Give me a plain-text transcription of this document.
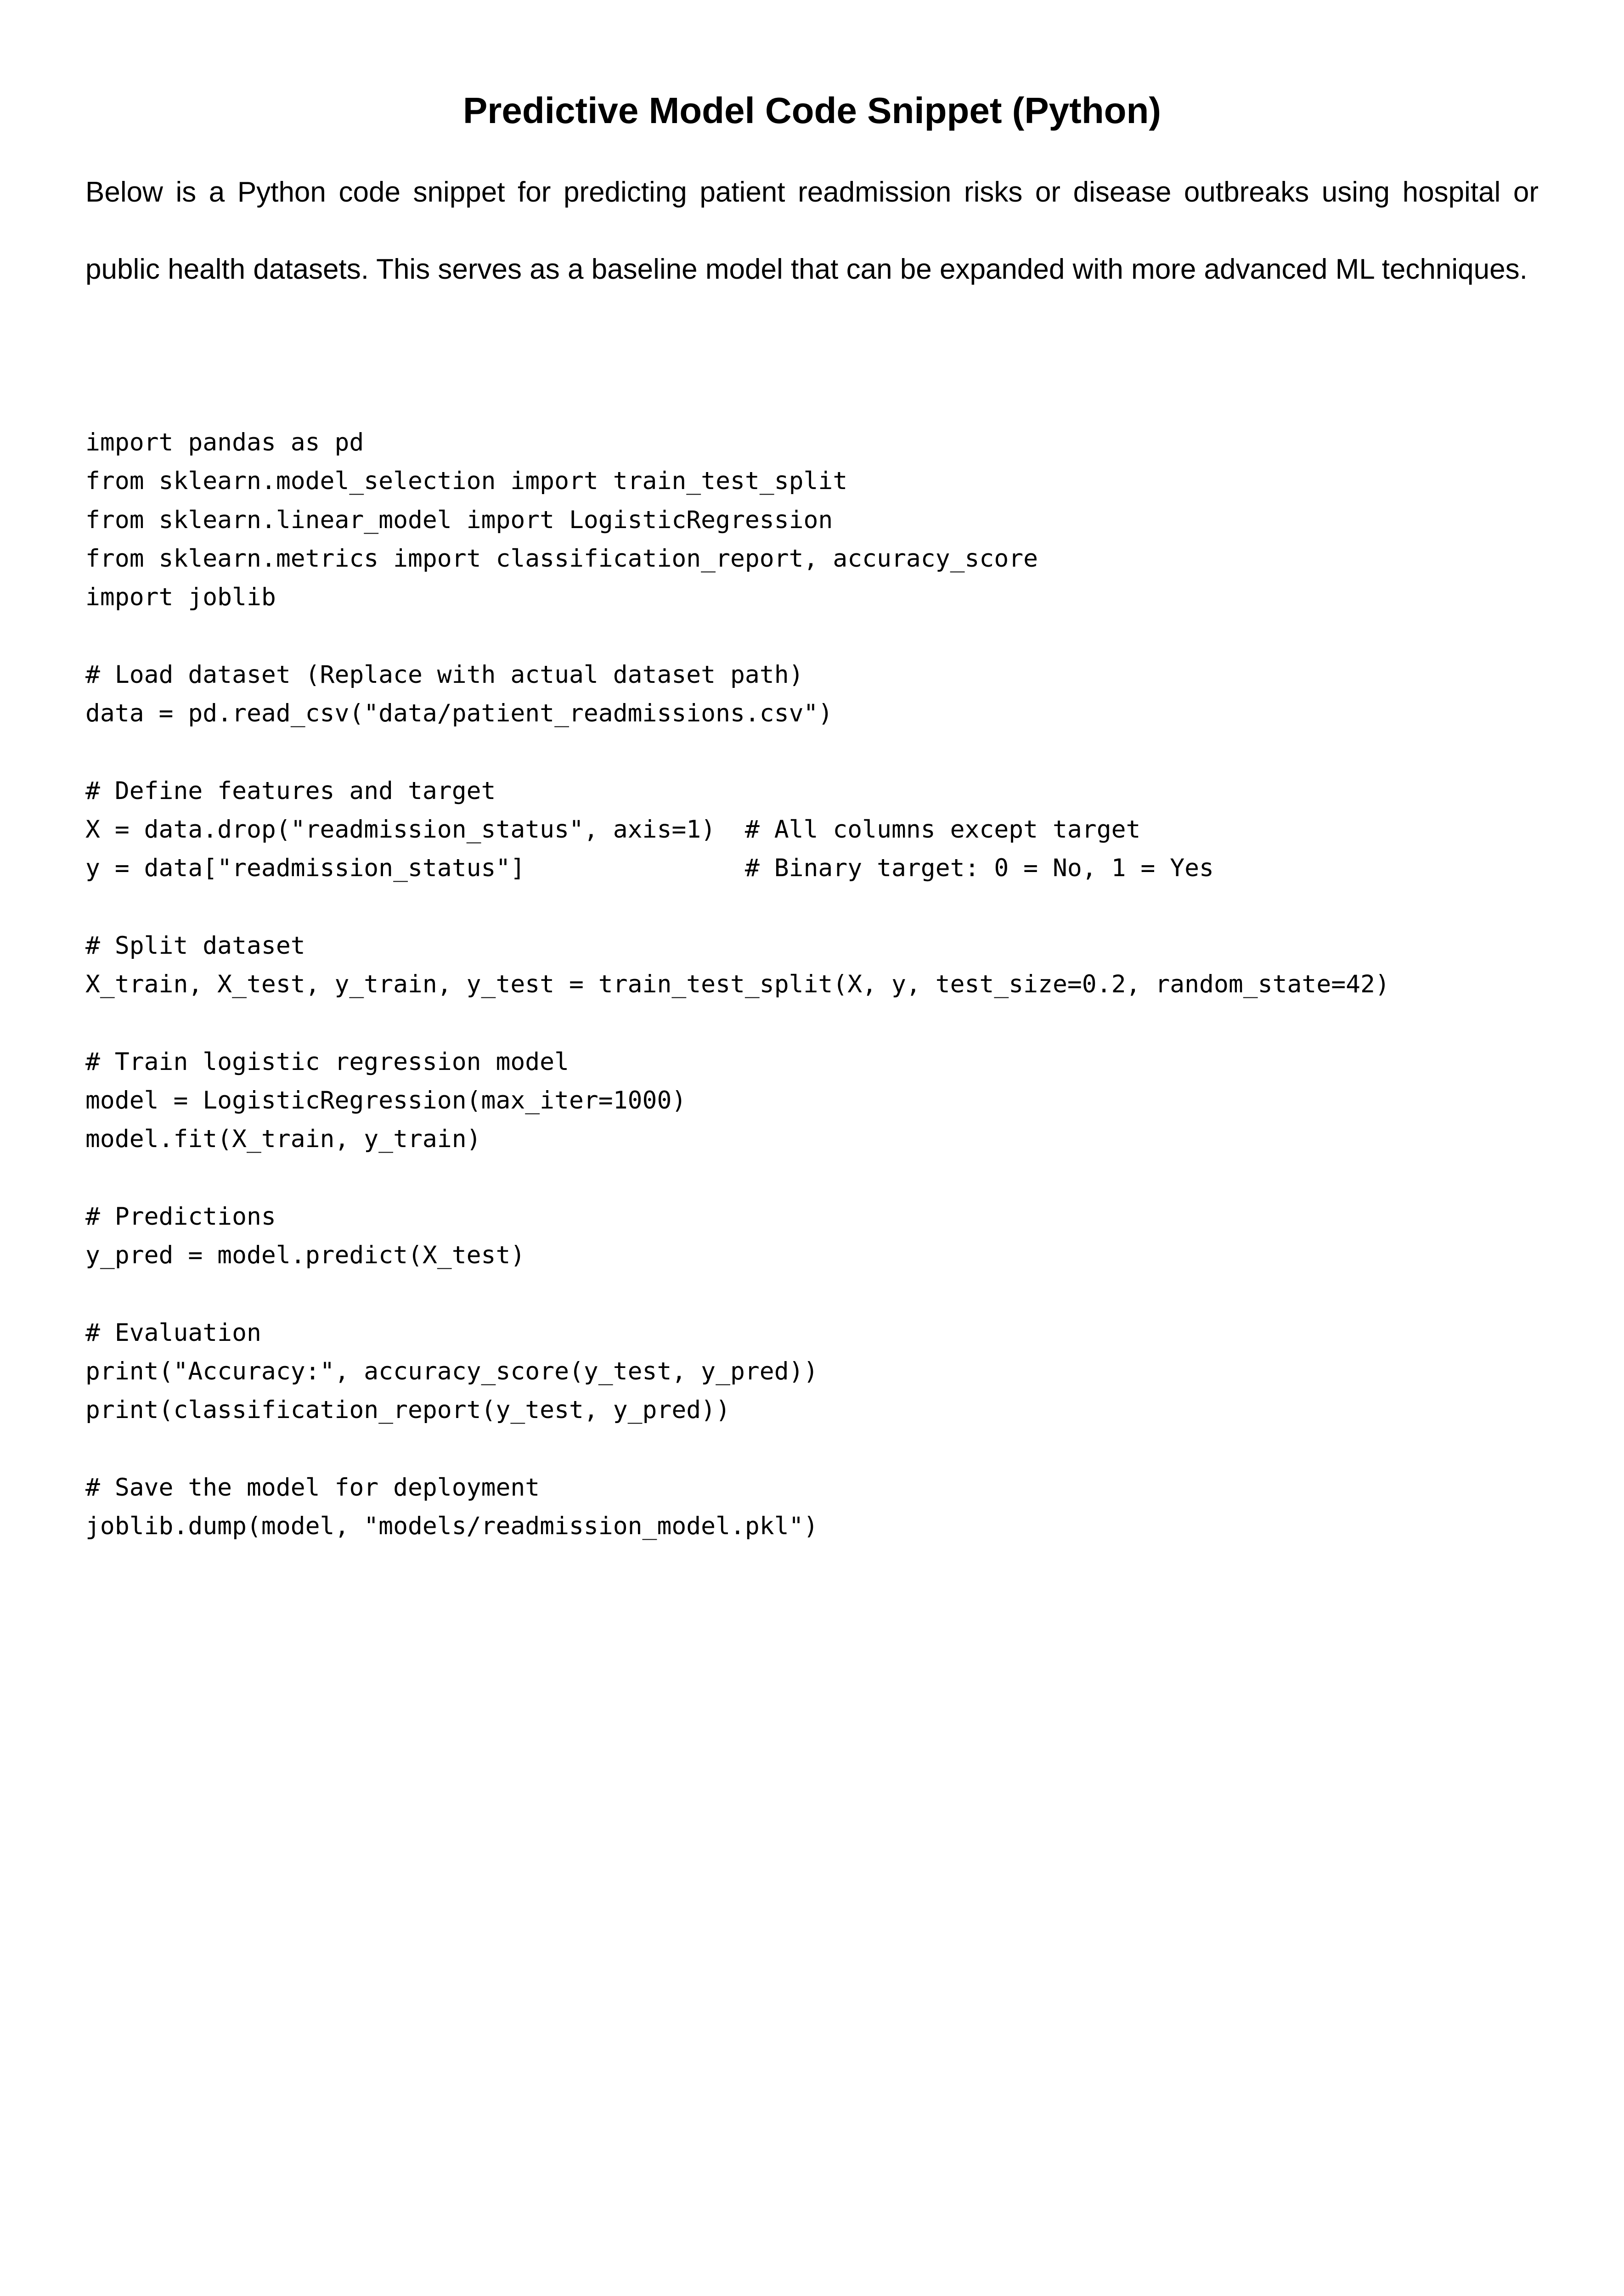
Predictive Model Code Snippet (Python)

Below is a Python code snippet for predicting patient readmission risks or disease outbreaks using hospital or public health datasets. This serves as a baseline model that can be expanded with more advanced ML techniques.

import pandas as pd
from sklearn.model_selection import train_test_split
from sklearn.linear_model import LogisticRegression
from sklearn.metrics import classification_report, accuracy_score
import joblib
# Load dataset (Replace with actual dataset path)
data = pd.read_csv("data/patient_readmissions.csv")
# Define features and target
X = data.drop("readmission_status", axis=1)  # All columns except target
y = data["readmission_status"]               # Binary target: 0 = No, 1 = Yes
# Split dataset
X_train, X_test, y_train, y_test = train_test_split(X, y, test_size=0.2, random_state=42)
# Train logistic regression model
model = LogisticRegression(max_iter=1000)
model.fit(X_train, y_train)
# Predictions
y_pred = model.predict(X_test)
# Evaluation
print("Accuracy:", accuracy_score(y_test, y_pred))
print(classification_report(y_test, y_pred))
# Save the model for deployment
joblib.dump(model, "models/readmission_model.pkl")
